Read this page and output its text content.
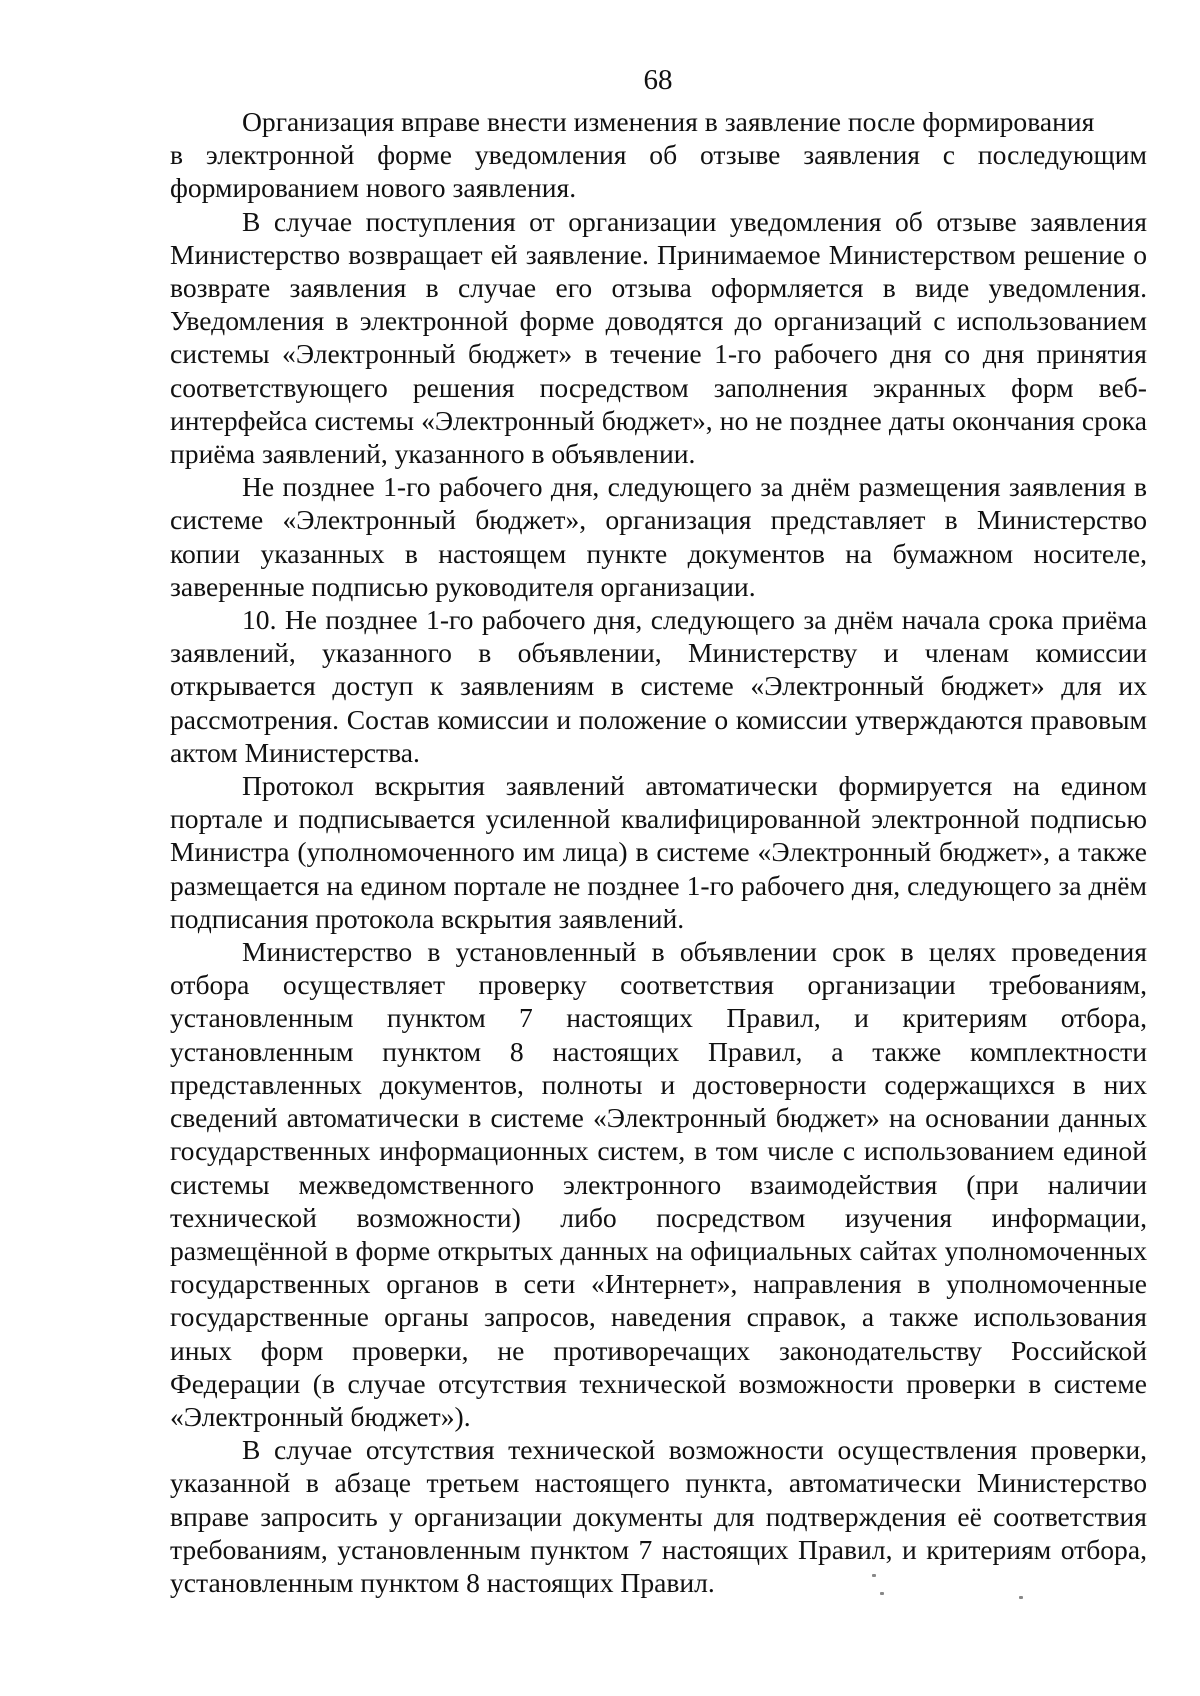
68

Организация вправе внести изменения в заявление после формирования

в электронной форме уведомления об отзыве заявления с последующим формированием нового заявления.

В случае поступления от организации уведомления об отзыве заявления Министерство возвращает ей заявление. Принимаемое Министерством решение о возврате заявления в случае его отзыва оформляется в виде уведомления. Уведомления в электронной форме доводятся до организаций с использованием системы «Электронный бюджет» в течение 1-го рабочего дня со дня принятия соответствующего решения посредством заполнения экранных форм веб-интерфейса системы «Электронный бюджет», но не позднее даты окончания срока приёма заявлений, указанного в объявлении.

Не позднее 1-го рабочего дня, следующего за днём размещения заявления в системе «Электронный бюджет», организация представляет в Министерство копии указанных в настоящем пункте документов на бумажном носителе, заверенные подписью руководителя организации.

10. Не позднее 1-го рабочего дня, следующего за днём начала срока приёма заявлений, указанного в объявлении, Министерству и членам комиссии открывается доступ к заявлениям в системе «Электронный бюджет» для их рассмотрения. Состав комиссии и положение о комиссии утверждаются правовым актом Министерства.

Протокол вскрытия заявлений автоматически формируется на едином портале и подписывается усиленной квалифицированной электронной подписью Министра (уполномоченного им лица) в системе «Электронный бюджет», а также размещается на едином портале не позднее 1-го рабочего дня, следующего за днём подписания протокола вскрытия заявлений.

Министерство в установленный в объявлении срок в целях проведения отбора осуществляет проверку соответствия организации требованиям, установленным пунктом 7 настоящих Правил, и критериям отбора, установленным пунктом 8 настоящих Правил, а также комплектности представленных документов, полноты и достоверности содержащихся в них сведений автоматически в системе «Электронный бюджет» на основании данных государственных информационных систем, в том числе с использованием единой системы межведомственного электронного взаимодействия (при наличии технической возможности) либо посредством изучения информации, размещённой в форме открытых данных на официальных сайтах уполномоченных государственных органов в сети «Интернет», направления в уполномоченные государственные органы запросов, наведения справок, а также использования иных форм проверки, не противоречащих законодательству Российской Федерации (в случае отсутствия технической возможности проверки в системе «Электронный бюджет»).

В случае отсутствия технической возможности осуществления проверки, указанной в абзаце третьем настоящего пункта, автоматически Министерство вправе запросить у организации документы для подтверждения её соответствия требованиям, установленным пунктом 7 настоящих Правил, и критериям отбора, установленным пунктом 8 настоящих Правил.
